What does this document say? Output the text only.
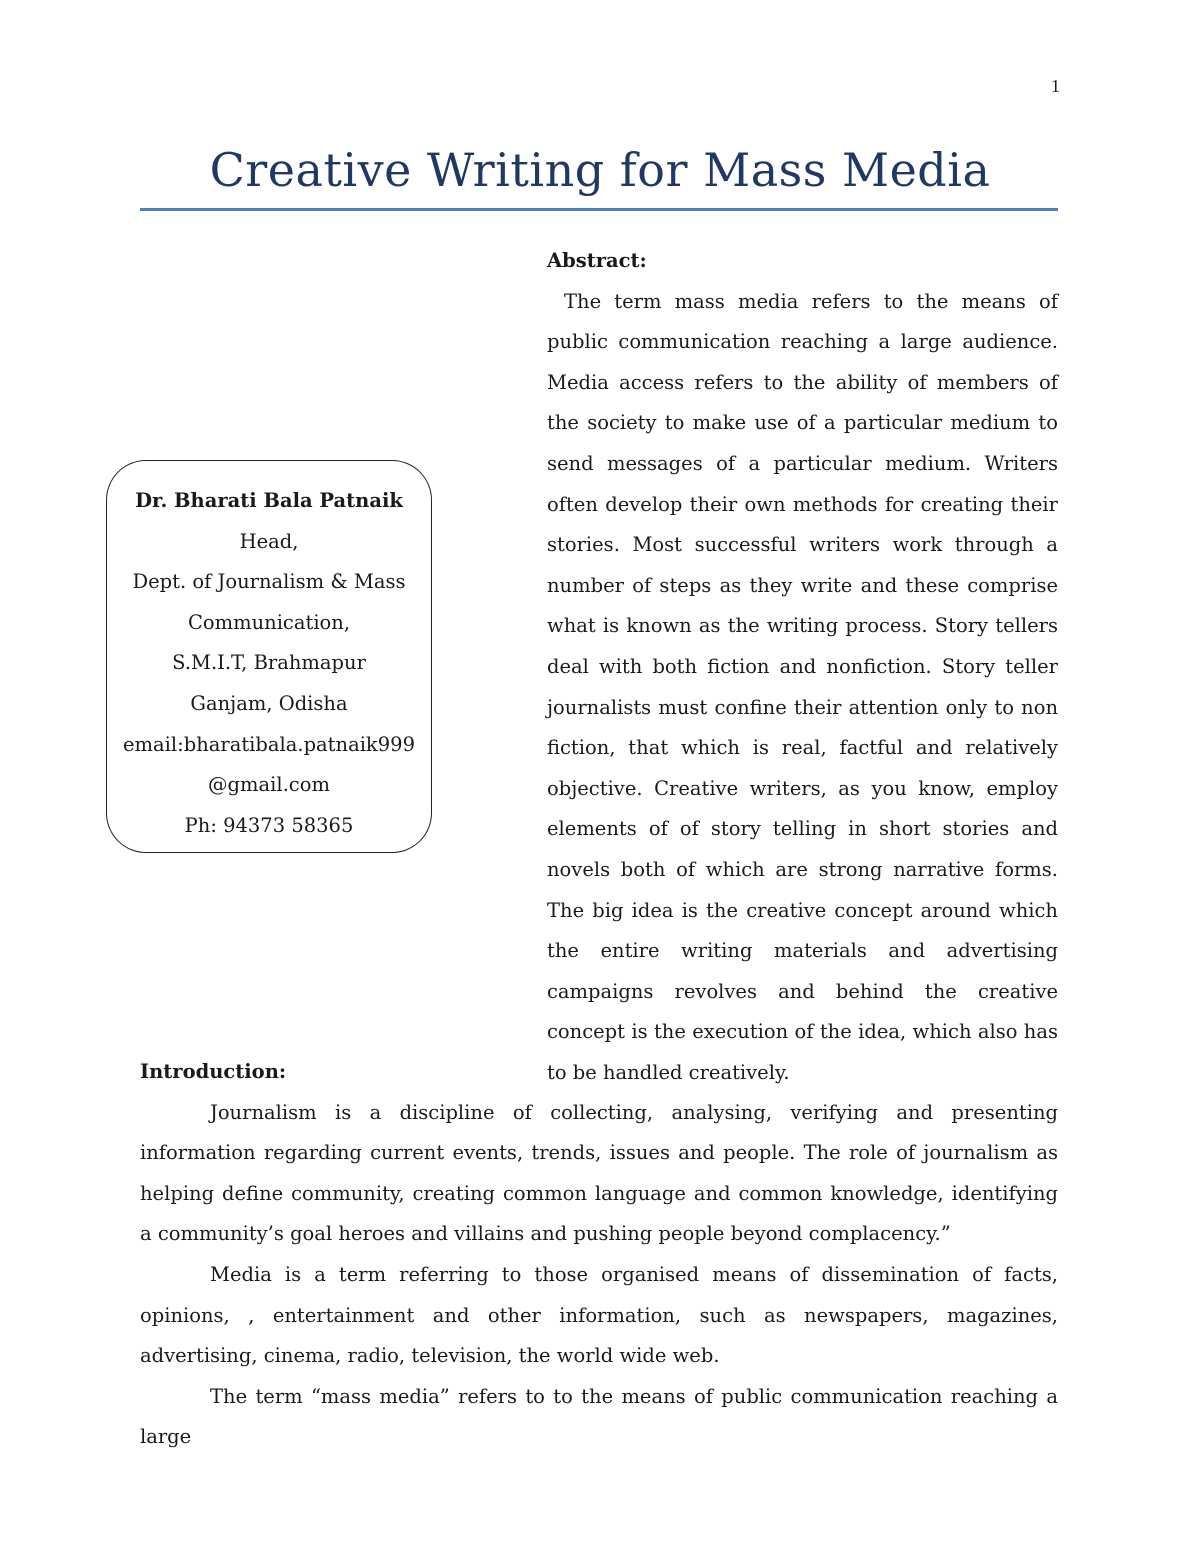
1
Creative Writing for Mass Media

Abstract:

The term mass media refers to the means of public communication reaching a large audience. Media access refers to the ability of members of the society to make use of a particular medium to send messages of a particular medium. Writers often develop their own methods for creating their stories. Most successful writers work through a number of steps as they write and these comprise what is known as the writing process. Story tellers deal with both fiction and nonfiction. Story teller journalists must confine their attention only to non fiction, that which is real, factful and relatively objective. Creative writers, as you know, employ elements of of story telling in short stories and novels both of which are strong narrative forms. The big idea is the creative concept around which the entire writing materials and advertising campaigns revolves and behind the creative concept is the execution of the idea, which also has to be handled creatively.

Dr. Bharati Bala Patnaik
Head,
Dept. of Journalism & Mass
Communication,
S.M.I.T, Brahmapur
Ganjam, Odisha
email:bharatibala.patnaik999
@gmail.com
Ph: 94373 58365
Introduction:

Journalism is a discipline of collecting, analysing, verifying and presenting information regarding current events, trends, issues and people. The role of journalism as helping define community, creating common language and common knowledge, identifying a community’s goal heroes and villains and pushing people beyond complacency.”

Media is a term referring to those organised means of dissemination of facts, opinions, , entertainment and other information, such as newspapers, magazines, advertising, cinema, radio, television, the world wide web.

The term “mass media” refers to to the means of public communication reaching a large
